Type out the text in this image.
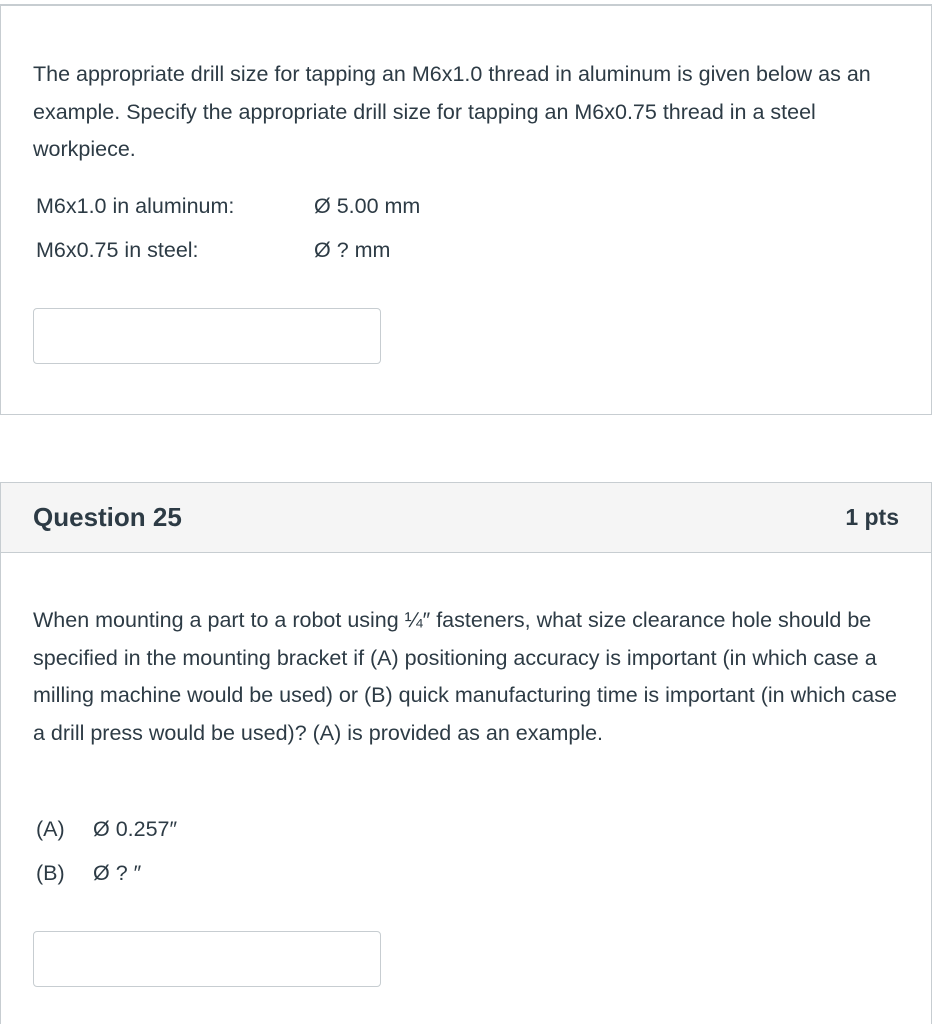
The appropriate drill size for tapping an M6x1.0 thread in aluminum is given below as an example. Specify the appropriate drill size for tapping an M6x0.75 thread in a steel workpiece.

M6x1.0 in aluminum:	Ø 5.00 mm
M6x0.75 in steel:	Ø ? mm
Question 25	1 pts

When mounting a part to a robot using ¼″ fasteners, what size clearance hole should be specified in the mounting bracket if (A) positioning accuracy is important (in which case a milling machine would be used) or (B) quick manufacturing time is important (in which case a drill press would be used)? (A) is provided as an example.

(A) Ø 0.257″
(B) Ø ? ″
